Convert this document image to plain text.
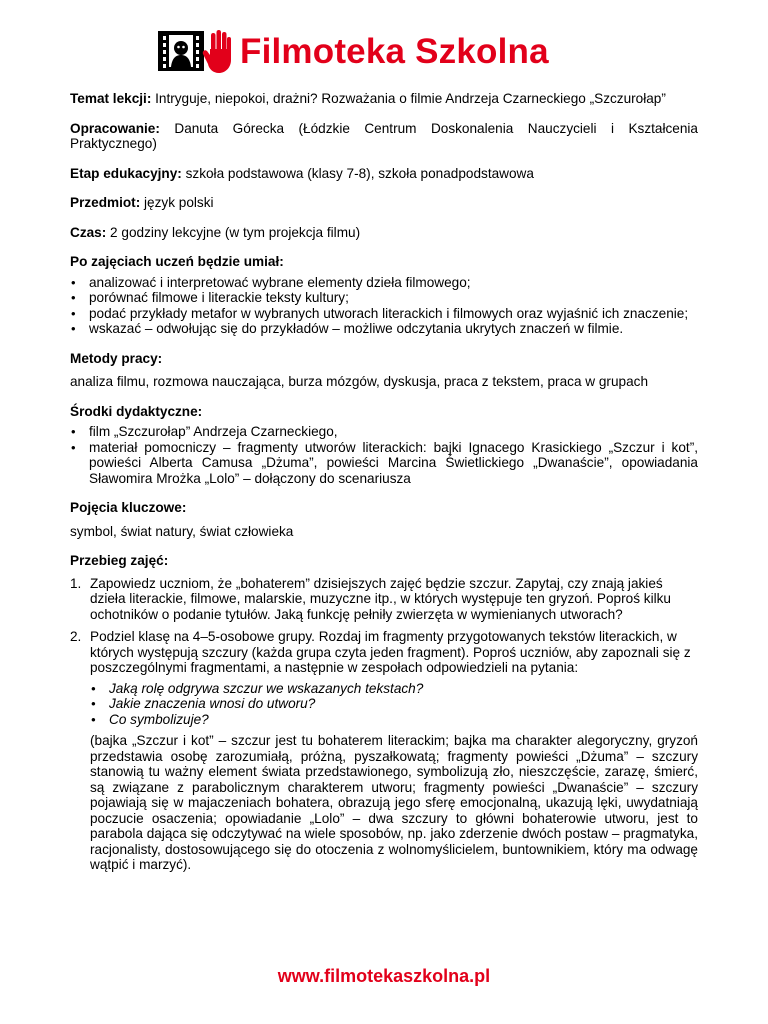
Filmoteka Szkolna

Temat lekcji: Intryguje, niepokoi, drażni? Rozważania o filmie Andrzeja Czarneckiego „Szczurołap”

Opracowanie: Danuta Górecka (Łódzkie Centrum Doskonalenia Nauczycieli i Kształcenia Praktycznego)

Etap edukacyjny: szkoła podstawowa (klasy 7-8), szkoła ponadpodstawowa

Przedmiot: język polski

Czas: 2 godziny lekcyjne (w tym projekcja filmu)

Po zajęciach uczeń będzie umiał:

• analizować i interpretować wybrane elementy dzieła filmowego;
• porównać filmowe i literackie teksty kultury;
• podać przykłady metafor w wybranych utworach literackich i filmowych oraz wyjaśnić ich znaczenie;
• wskazać – odwołując się do przykładów – możliwe odczytania ukrytych znaczeń w filmie.

Metody pracy:

analiza filmu, rozmowa nauczająca, burza mózgów, dyskusja, praca z tekstem, praca w grupach

Środki dydaktyczne:

• film „Szczurołap” Andrzeja Czarneckiego,
• materiał pomocniczy – fragmenty utworów literackich: bajki Ignacego Krasickiego „Szczur i kot”, powieści Alberta Camusa „Dżuma”, powieści Marcina Świetlickiego „Dwanaście”, opowiadania Sławomira Mrożka „Lolo” – dołączony do scenariusza

Pojęcia kluczowe:

symbol, świat natury, świat człowieka

Przebieg zajęć:

1. Zapowiedz uczniom, że „bohaterem” dzisiejszych zajęć będzie szczur. Zapytaj, czy znają jakieś dzieła literackie, filmowe, malarskie, muzyczne itp., w których występuje ten gryzoń. Poproś kilku ochotników o podanie tytułów. Jaką funkcję pełniły zwierzęta w wymienianych utworach?

2. Podziel klasę na 4–5-osobowe grupy. Rozdaj im fragmenty przygotowanych tekstów literackich, w których występują szczury (każda grupa czyta jeden fragment). Poproś uczniów, aby zapoznali się z poszczególnymi fragmentami, a następnie w zespołach odpowiedzieli na pytania:

• Jaką rolę odgrywa szczur we wskazanych tekstach?
• Jakie znaczenia wnosi do utworu?
• Co symbolizuje?

(bajka „Szczur i kot” – szczur jest tu bohaterem literackim; bajka ma charakter alegoryczny, gryzoń przedstawia osobę zarozumiałą, próżną, pyszałkowatą; fragmenty powieści „Dżuma” – szczury stanowią tu ważny element świata przedstawionego, symbolizują zło, nieszczęście, zarazę, śmierć, są związane z parabolicznym charakterem utworu; fragmenty powieści „Dwanaście” – szczury pojawiają się w majaczeniach bohatera, obrazują jego sferę emocjonalną, ukazują lęki, uwydatniają poczucie osaczenia; opowiadanie „Lolo” – dwa szczury to główni bohaterowie utworu, jest to parabola dająca się odczytywać na wiele sposobów, np. jako zderzenie dwóch postaw – pragmatyka, racjonalisty, dostosowującego się do otoczenia z wolnomyślicielem, buntownikiem, który ma odwagę wątpić i marzyć).

www.filmotekaszkolna.pl
